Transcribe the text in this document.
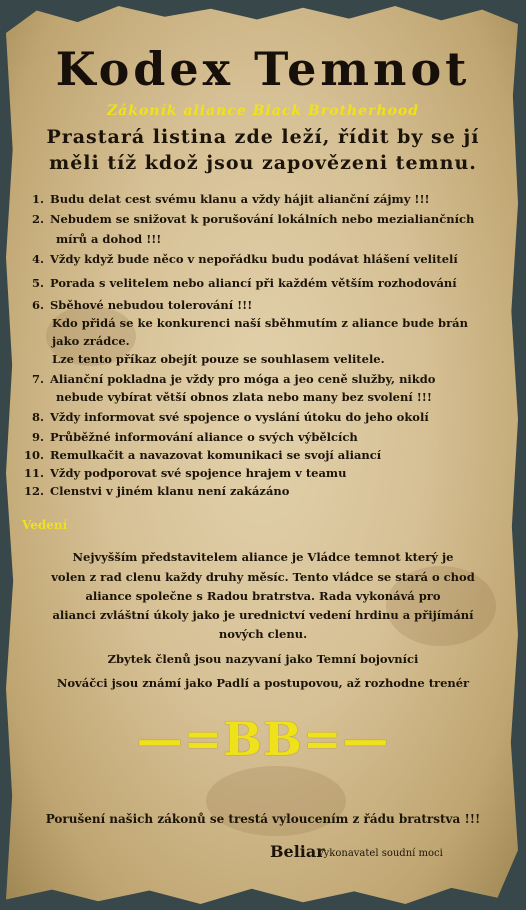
Kodex Temnot
Zákoník aliance Black Brotherhood
Prastará listina zde leží, řídit by se jí
měli tíž kdož jsou zapovězeni temnu.
1. Budu delat cest svému klanu a vždy hájit alianční zájmy !!!
2. Nebudem se snižovat k porušování lokálních nebo mezialiančních
mírů a dohod !!!
4. Vždy když bude něco v nepořádku budu podávat hlášení velitelí
5. Porada s velitelem nebo aliancí při každém větším rozhodování
6. Sběhové nebudou tolerování !!!
Kdo přidá se ke konkurenci naší sběhmutím z aliance bude brán
jako zrádce.
Lze tento příkaz obejít pouze se souhlasem velitele.
7. Alianční pokladna je vždy pro móga a jeo ceně služby, nikdo
nebude vybírat větší obnos zlata nebo many bez svolení !!!
8. Vždy informovat své spojence o vyslání útoku do jeho okolí
9. Průběžné informování aliance o svých výbělcích
10. Remulkačit a navazovat komunikaci se svojí aliancí
11. Vždy podporovat své spojence hrajem v teamu
12. Clenstvi v jiném klanu není zakázáno
Vedení
Nejvyšším představitelem aliance je Vládce temnot který je
volen z rad clenu každy druhy měsíc. Tento vládce se stará o chod
aliance společne s Radou bratrstva. Rada vykonává pro
alianci zvláštní úkoly jako je urednictví vedení hrdinu a přijímání
nových clenu.
Zbytek členů jsou nazyvaní jako Temní bojovníci
Nováčci jsou známí jako Padlí a postupovou, až rozhodne trenér
—=BB=—
Porušení našich zákonů se trestá vyloucením z řádu bratrstva !!!
Beliar
vykonavatel soudní moci
